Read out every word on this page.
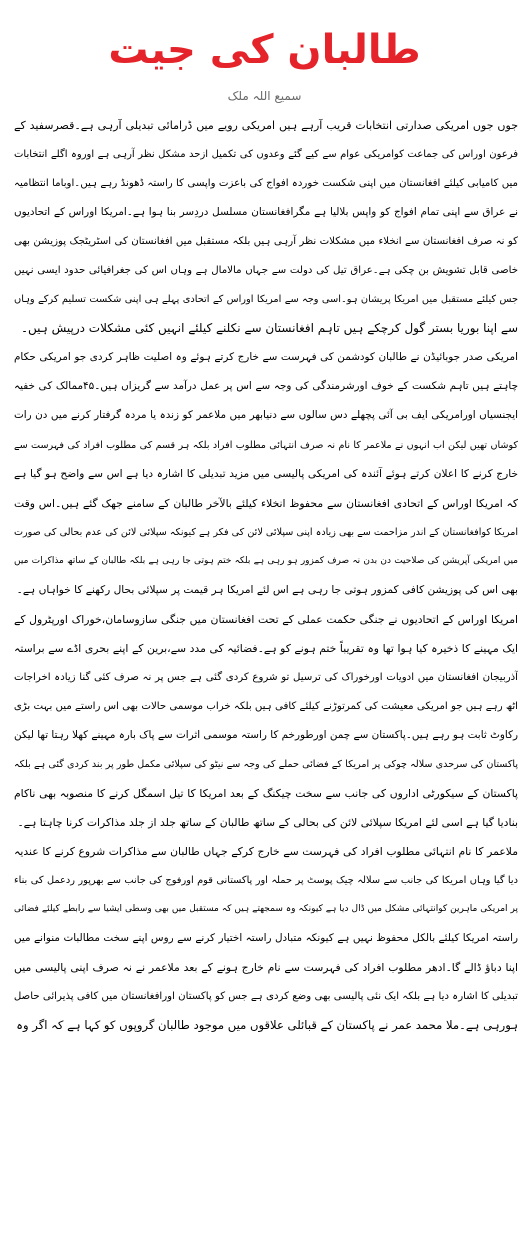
طالبان کی جیت
سمیع اللہ ملک
جوں جوں امریکی صدارتی انتخابات قریب آرہے ہیں امریکی رویے میں ڈرامائی تبدیلی آرہی ہے۔قصرسفید کے
فرعون اوراس کی جماعت کوامریکی عوام سے کیے گئے وعدوں کی تکمیل ازحد مشکل نظر آرہی ہے اوروہ اگلے انتخابات
میں کامیابی کیلئے افغانستان میں اپنی شکست خوردہ افواج کی باعزت واپسی کا راستہ ڈھونڈ رہے ہیں۔اوباما انتظامیہ
نے عراق سے اپنی تمام افواج کو واپس بلالیا ہے مگرافغانستان مسلسل دردِسر بنا ہوا ہے۔امریکا اوراس کے اتحادیوں
کو نہ صرف افغانستان سے انخلاء میں مشکلات نظر آرہی ہیں بلکہ مستقبل میں افغانستان کی اسٹریٹجک پوزیشن بھی
خاصی قابل تشویش بن چکی ہے۔عراق تیل کی دولت سے جہاں مالامال ہے وہاں اس کی جغرافیائی حدود ایسی نہیں
جس کیلئے مستقبل میں امریکا پریشان ہو۔اسی وجہ سے امریکا اوراس کے اتحادی پہلے ہی اپنی شکست تسلیم کرکے وہاں
سے اپنا بوریا بستر گول کرچکے ہیں تاہم افغانستان سے نکلنے کیلئے انہیں کئی مشکلات درپیش ہیں۔
امریکی صدر جوبائیڈن نے طالبان کودشمن کی فہرست سے خارج کرتے ہوئے وہ اصلیت ظاہر کردی جو امریکی حکام
چاہتے ہیں تاہم شکست کے خوف اورشرمندگی کی وجہ سے اس پر عمل درآمد سے گریزاں ہیں۔۴۵ممالک کی خفیہ
ایجنسیاں اورامریکی ایف بی آئی پچھلے دس سالوں سے دنیابھر میں ملاعمر کو زندہ یا مردہ گرفتار کرنے میں دن رات
کوشاں تھیں لیکن اب انہوں نے ملاعمر کا نام نہ صرف انتہائی مطلوب افراد بلکہ ہر قسم کی مطلوب افراد کی فہرست سے
خارج کرنے کا اعلان کرتے ہوئے آئندہ کی امریکی پالیسی میں مزید تبدیلی کا اشارہ دیا ہے اس سے واضح ہو گیا ہے
کہ امریکا اوراس کے اتحادی افغانستان سے محفوظ انخلاء کیلئے بالآخر طالبان کے سامنے جھک گئے ہیں۔اس وقت
امریکا کوافغانستان کے اندر مزاحمت سے بھی زیادہ اپنی سپلائی لائن کی فکر ہے کیونکہ سپلائی لائن کی عدم بحالی کی صورت
میں امریکی آپریشن کی صلاحیت دن بدن نہ صرف کمزور ہو رہی ہے بلکہ ختم ہوتی جا رہی ہے بلکہ طالبان کے ساتھ مذاکرات میں
بھی اس کی پوزیشن کافی کمزور ہوتی جا رہی ہے اس لئے امریکا ہر قیمت پر سپلائی بحال رکھنے کا خواہاں ہے۔
امریکا اوراس کے اتحادیوں نے جنگی حکمت عملی کے تحت افغانستان میں جنگی سازوسامان،خوراک اورپٹرول کے
ایک مہینے کا ذخیرہ کیا ہوا تھا وہ تقریباً ختم ہونے کو ہے۔فضائیہ کی مدد سے،برین کے اپنے بحری اڈے سے براستہ
آذربیجان افغانستان میں ادویات اورخوراک کی ترسیل تو شروع کردی گئی ہے جس پر نہ صرف کئی گنا زیادہ اخراجات
اٹھ رہے ہیں جو امریکی معیشت کی کمرتوڑنے کیلئے کافی ہیں بلکہ خراب موسمی حالات بھی اس راستے میں بہت بڑی
رکاوٹ ثابت ہو رہے ہیں۔پاکستان سے چمن اورطورخم کا راستہ موسمی اثرات سے پاک بارہ مہینے کھلا رہتا تھا لیکن
پاکستان کی سرحدی سلالہ چوکی پر امریکا کے فضائی حملے کی وجہ سے نیٹو کی سپلائی مکمل طور پر بند کردی گئی ہے بلکہ
پاکستان کے سیکورٹی اداروں کی جانب سے سخت چیکنگ کے بعد امریکا کا تیل اسمگل کرنے کا منصوبہ بھی ناکام
بنادیا گیا ہے اسی لئے امریکا سپلائی لائن کی بحالی کے ساتھ طالبان کے ساتھ جلد از جلد مذاکرات کرنا چاہتا ہے۔
ملاعمر کا نام انتہائی مطلوب افراد کی فہرست سے خارج کرکے جہاں طالبان سے مذاکرات شروع کرنے کا عندیہ
دیا گیا وہاں امریکا کی جانب سے سلالہ چیک پوسٹ پر حملہ اور پاکستانی قوم اورفوج کی جانب سے بھرپور ردعمل کی بناء
پر امریکی ماہرین کوانتہائی مشکل میں ڈال دیا ہے کیونکہ وہ سمجھتے ہیں کہ مستقبل میں بھی وسطی ایشیا سے رابطے کیلئے فضائی
راستہ امریکا کیلئے بالکل محفوظ نہیں ہے کیونکہ متبادل راستہ اختیار کرنے سے روس اپنے سخت مطالبات منوانے میں
اپنا دباؤ ڈالے گا۔ادھر مطلوب افراد کی فہرست سے نام خارج ہونے کے بعد ملاعمر نے نہ صرف اپنی پالیسی میں
تبدیلی کا اشارہ دیا ہے بلکہ ایک نئی پالیسی بھی وضع کردی ہے جس کو پاکستان اورافغانستان میں کافی پذیرائی حاصل
ہورہی ہے۔ملا محمد عمر نے پاکستان کے قبائلی علاقوں میں موجود طالبان گروپوں کو کہا ہے کہ اگر وہ
